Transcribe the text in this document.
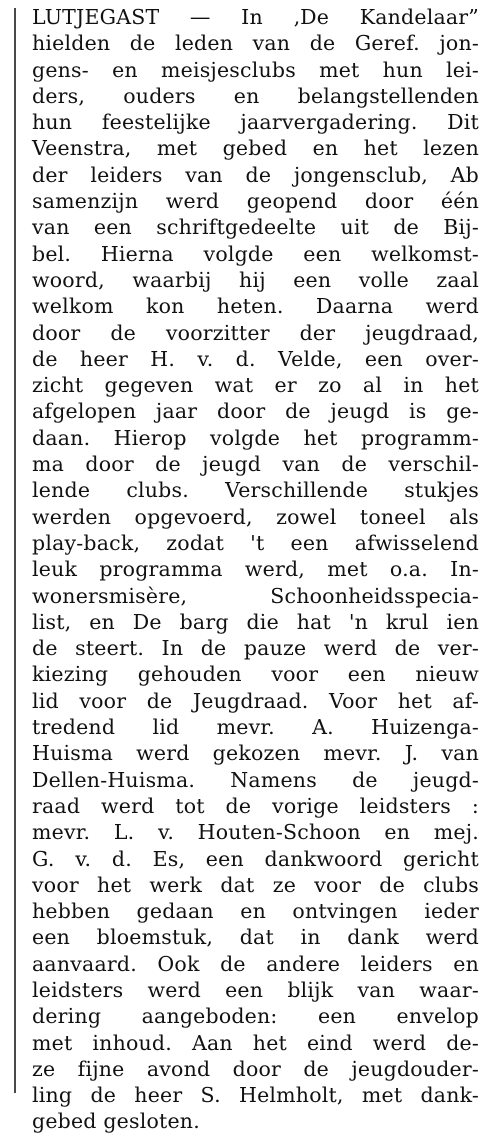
LUTJEGAST — In ‚De Kandelaar”
hielden de leden van de Geref. jon-
gens- en meisjesclubs met hun lei-
ders, ouders en belangstellenden
hun feestelijke jaarvergadering. Dit
Veenstra, met gebed en het lezen
der leiders van de jongensclub, Ab
samenzijn werd geopend door één
van een schriftgedeelte uit de Bij-
bel. Hierna volgde een welkomst-
woord, waarbij hij een volle zaal
welkom kon heten. Daarna werd
door de voorzitter der jeugdraad,
de heer H. v. d. Velde, een over-
zicht gegeven wat er zo al in het
afgelopen jaar door de jeugd is ge-
daan. Hierop volgde het programm-
ma door de jeugd van de verschil-
lende clubs. Verschillende stukjes
werden opgevoerd, zowel toneel als
play-back, zodat 't een afwisselend
leuk programma werd, met o.a. In-
wonersmisère, Schoonheidsspecia-
list, en De barg die hat 'n krul ien
de steert. In de pauze werd de ver-
kiezing gehouden voor een nieuw
lid voor de Jeugdraad. Voor het af-
tredend lid mevr. A. Huizenga-
Huisma werd gekozen mevr. J. van
Dellen-Huisma. Namens de jeugd-
raad werd tot de vorige leidsters :
mevr. L. v. Houten-Schoon en mej.
G. v. d. Es, een dankwoord gericht
voor het werk dat ze voor de clubs
hebben gedaan en ontvingen ieder
een bloemstuk, dat in dank werd
aanvaard. Ook de andere leiders en
leidsters werd een blijk van waar-
dering aangeboden: een envelop
met inhoud. Aan het eind werd de-
ze fijne avond door de jeugdouder-
ling de heer S. Helmholt, met dank-
gebed gesloten.
